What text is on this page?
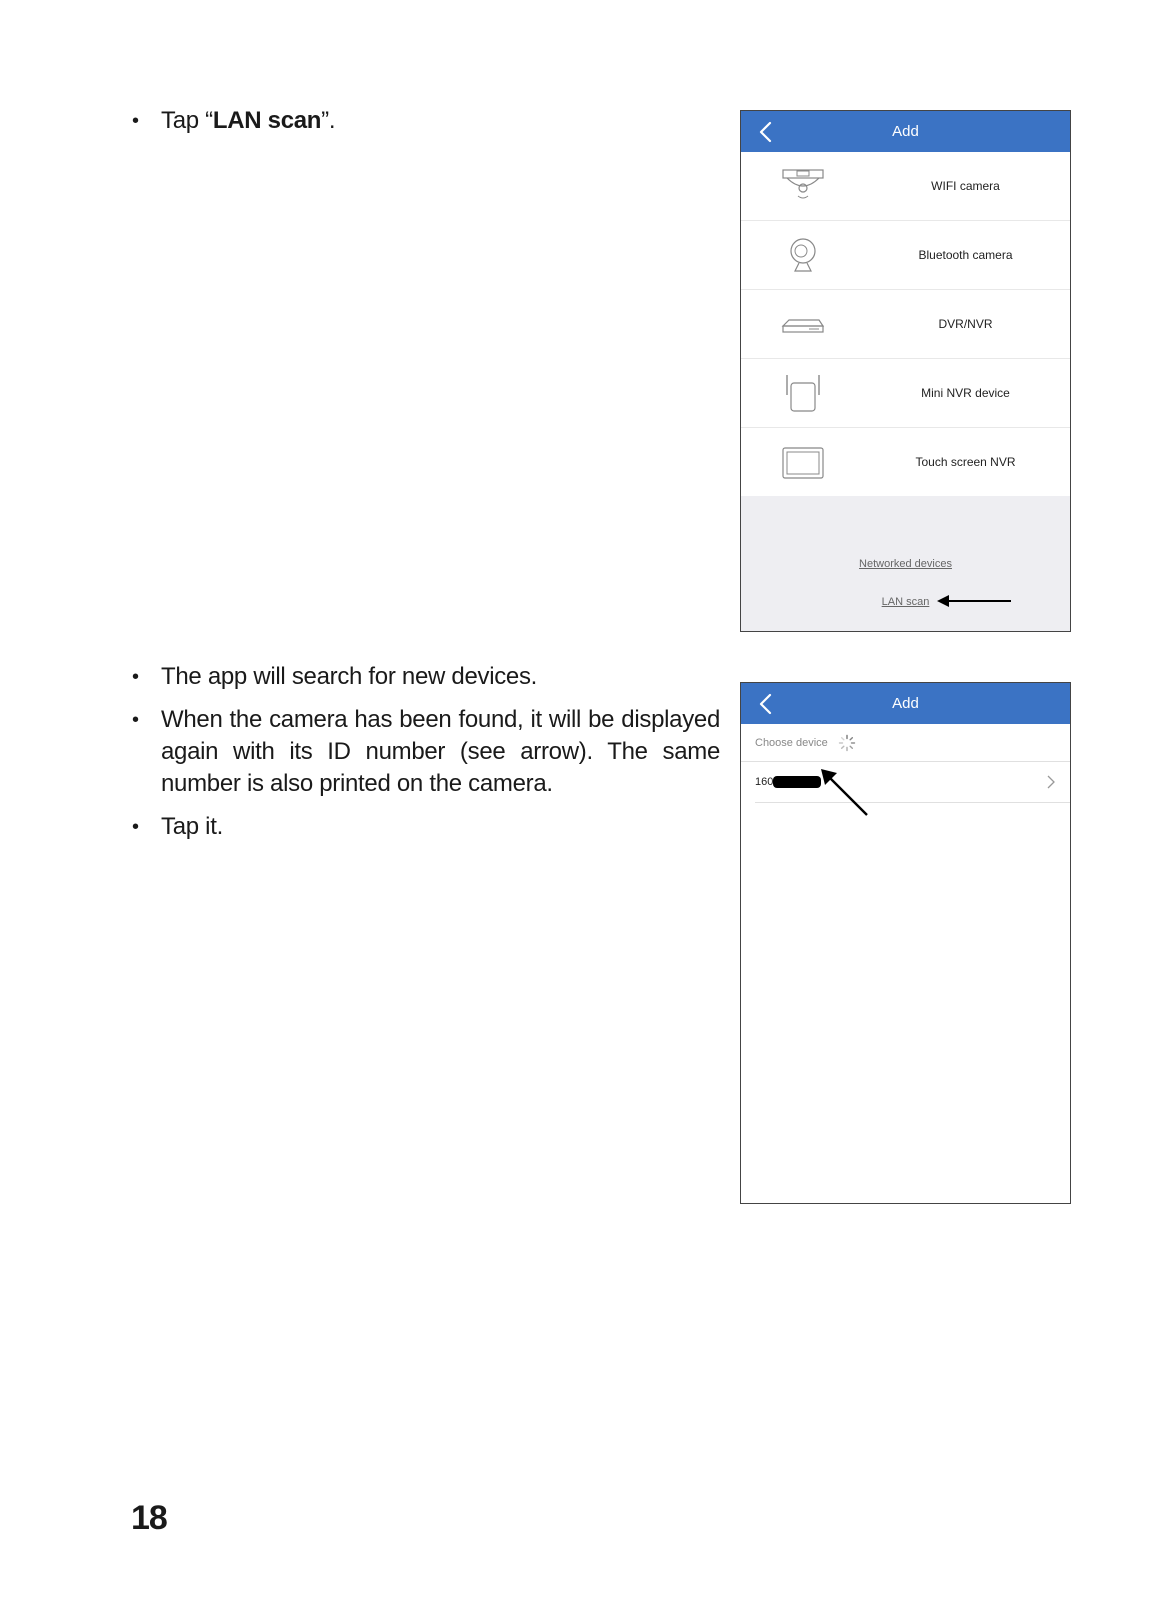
• Tap “LAN scan”.	Add
WIFI camera
Bluetooth camera
DVR/NVR
Mini NVR device
Touch screen NVR
Networked devices
LAN scan
• The app will search for new devices.
• When the camera has been found, it will be displayed again with its ID number (see arrow). The same number is also printed on the camera.
• Tap it.
Add
Choose device
160
18
